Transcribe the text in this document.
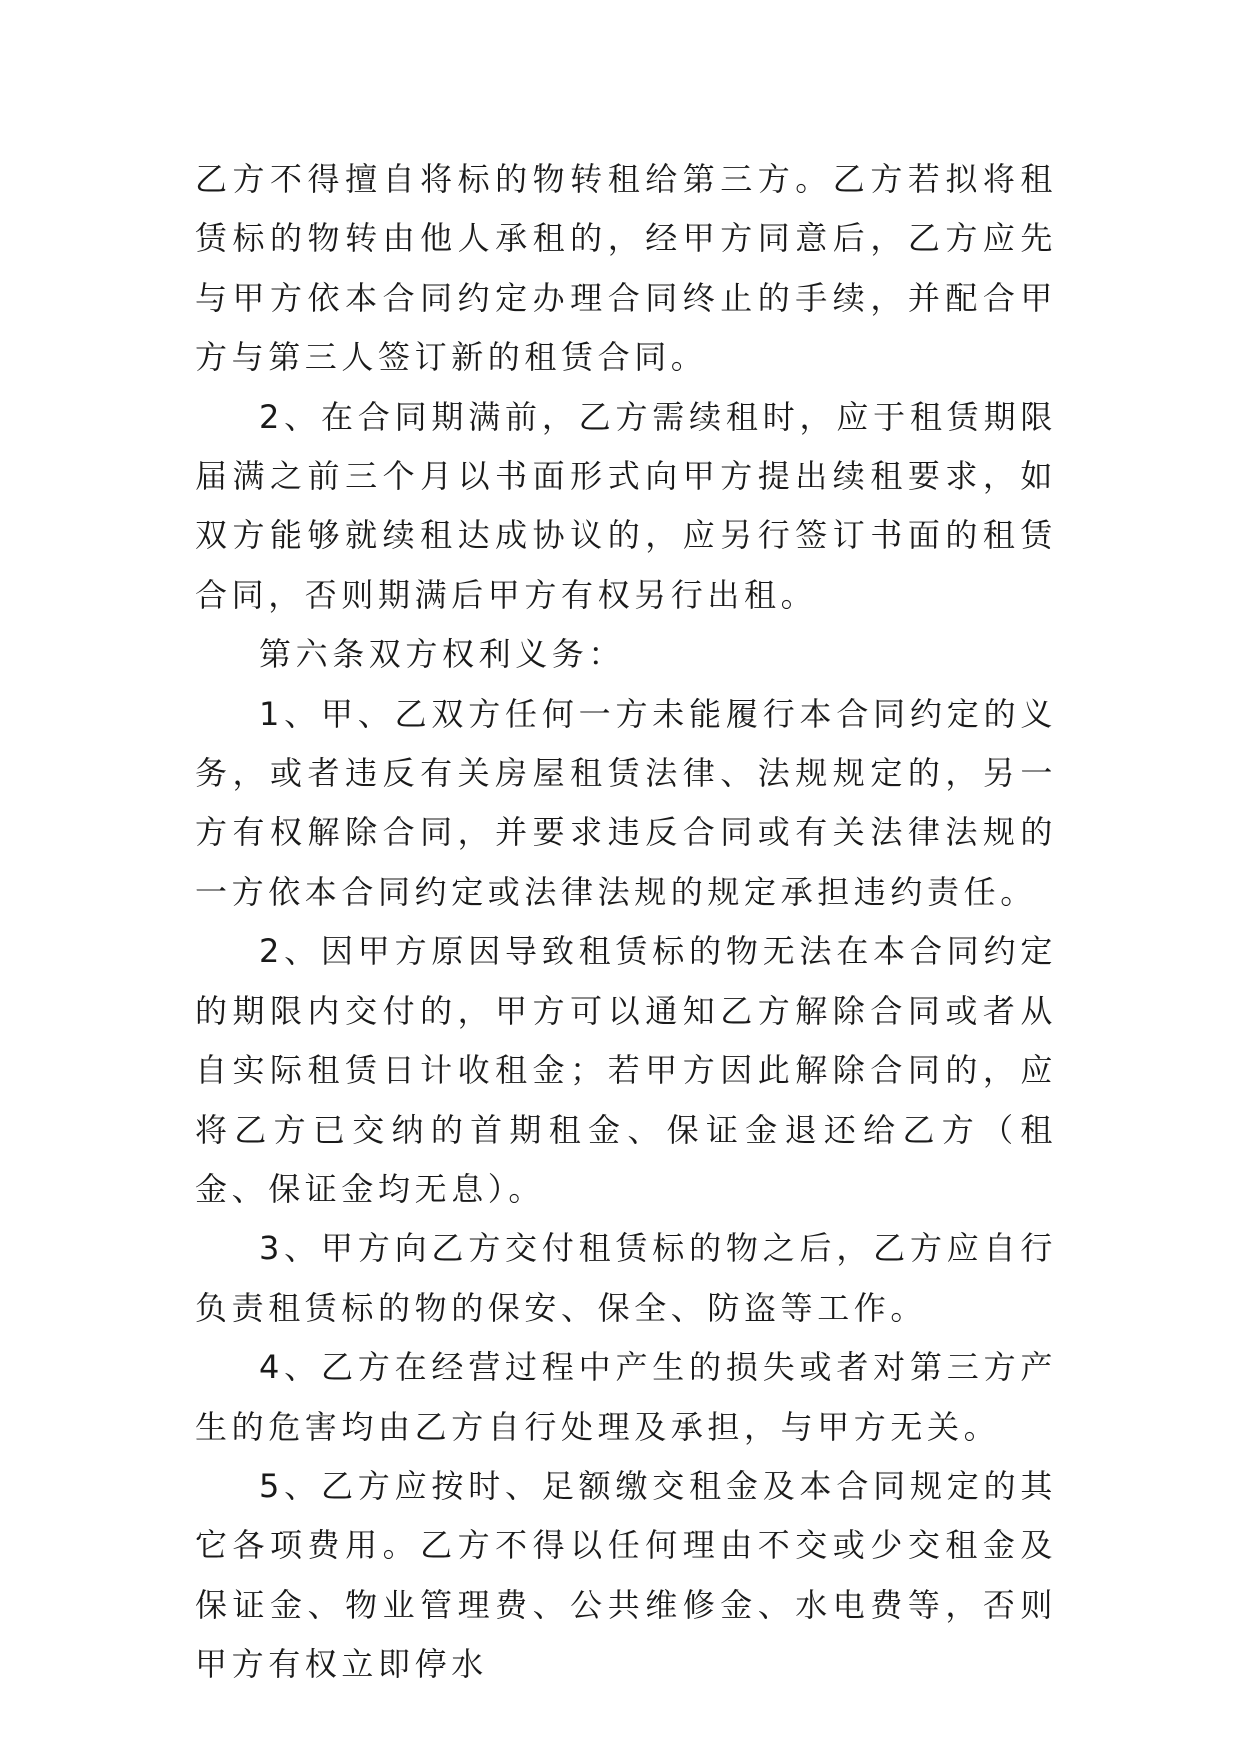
乙方不得擅自将标的物转租给第三方。乙方若拟将租赁标的物转由他人承租的，经甲方同意后，乙方应先与甲方依本合同约定办理合同终止的手续，并配合甲方与第三人签订新的租赁合同。

2、在合同期满前，乙方需续租时，应于租赁期限届满之前三个月以书面形式向甲方提出续租要求，如双方能够就续租达成协议的，应另行签订书面的租赁合同，否则期满后甲方有权另行出租。

第六条双方权利义务：

1、甲、乙双方任何一方未能履行本合同约定的义务，或者违反有关房屋租赁法律、法规规定的，另一方有权解除合同，并要求违反合同或有关法律法规的一方依本合同约定或法律法规的规定承担违约责任。

2、因甲方原因导致租赁标的物无法在本合同约定的期限内交付的，甲方可以通知乙方解除合同或者从自实际租赁日计收租金；若甲方因此解除合同的，应将乙方已交纳的首期租金、保证金退还给乙方（租金、保证金均无息）。

3、甲方向乙方交付租赁标的物之后，乙方应自行负责租赁标的物的保安、保全、防盗等工作。

4、乙方在经营过程中产生的损失或者对第三方产生的危害均由乙方自行处理及承担，与甲方无关。

5、乙方应按时、足额缴交租金及本合同规定的其它各项费用。乙方不得以任何理由不交或少交租金及保证金、物业管理费、公共维修金、水电费等，否则甲方有权立即停水
